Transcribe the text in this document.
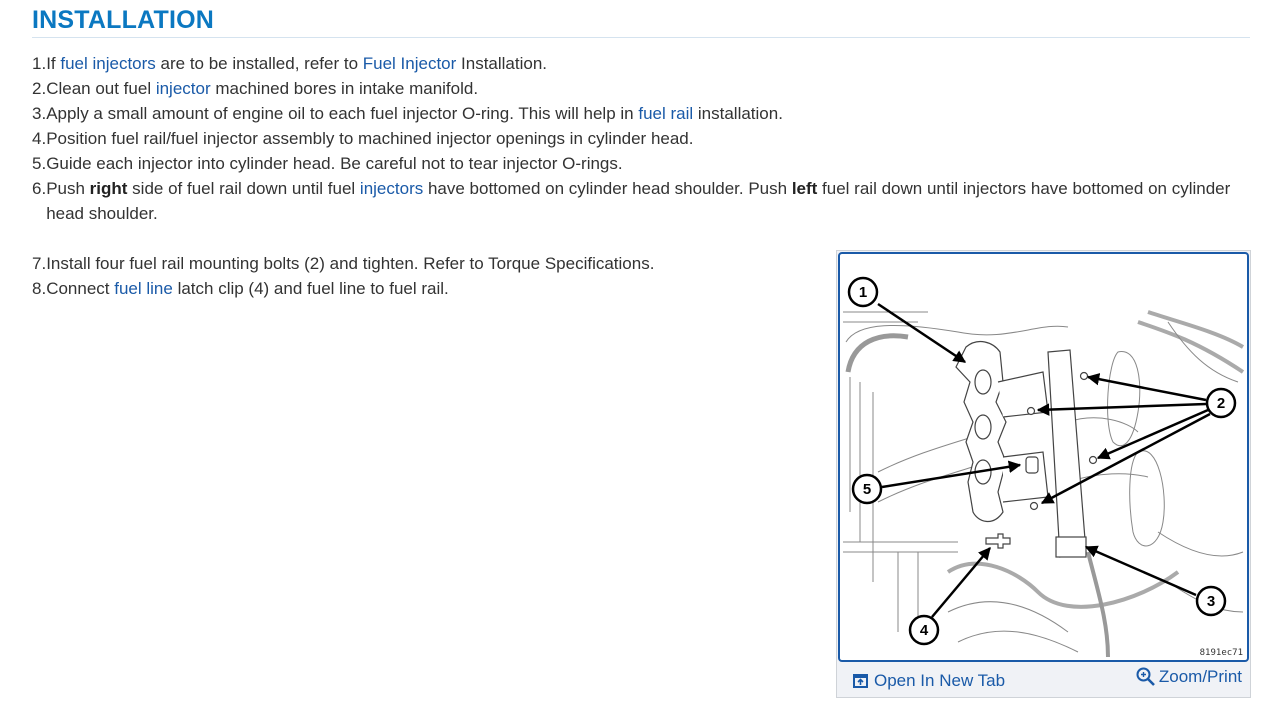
INSTALLATION
1. If fuel injectors are to be installed, refer to Fuel Injector Installation.
2. Clean out fuel injector machined bores in intake manifold.
3. Apply a small amount of engine oil to each fuel injector O-ring. This will help in fuel rail installation.
4. Position fuel rail/fuel injector assembly to machined injector openings in cylinder head.
5. Guide each injector into cylinder head. Be careful not to tear injector O-rings.
6. Push right side of fuel rail down until fuel injectors have bottomed on cylinder head shoulder. Push left fuel rail down until injectors have bottomed on cylinder head shoulder.
7. Install four fuel rail mounting bolts (2) and tighten. Refer to Torque Specifications.
8. Connect fuel line latch clip (4) and fuel line to fuel rail.	1
2
3
4
5
8191ec71
Open In New Tab	Zoom/Print
